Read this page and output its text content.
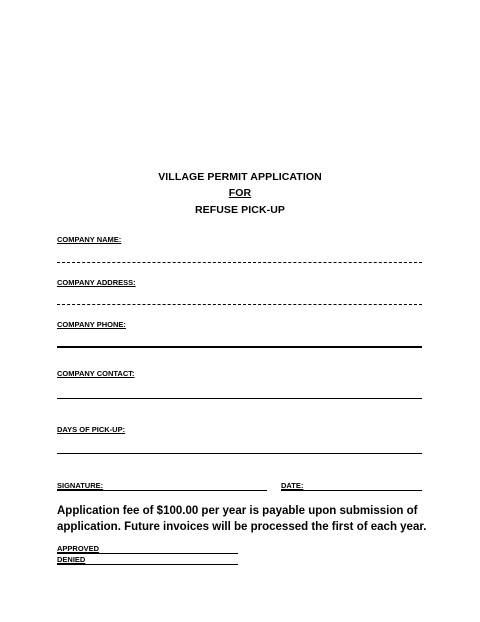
VILLAGE PERMIT APPLICATION
FOR
REFUSE PICK-UP
COMPANY NAME:
COMPANY ADDRESS:
COMPANY PHONE:
COMPANY CONTACT:
DAYS OF PICK-UP:
SIGNATURE:	DATE:
Application fee of $100.00 per year is payable upon submission of application. Future invoices will be processed the first of each year.
APPROVED
DENIED
